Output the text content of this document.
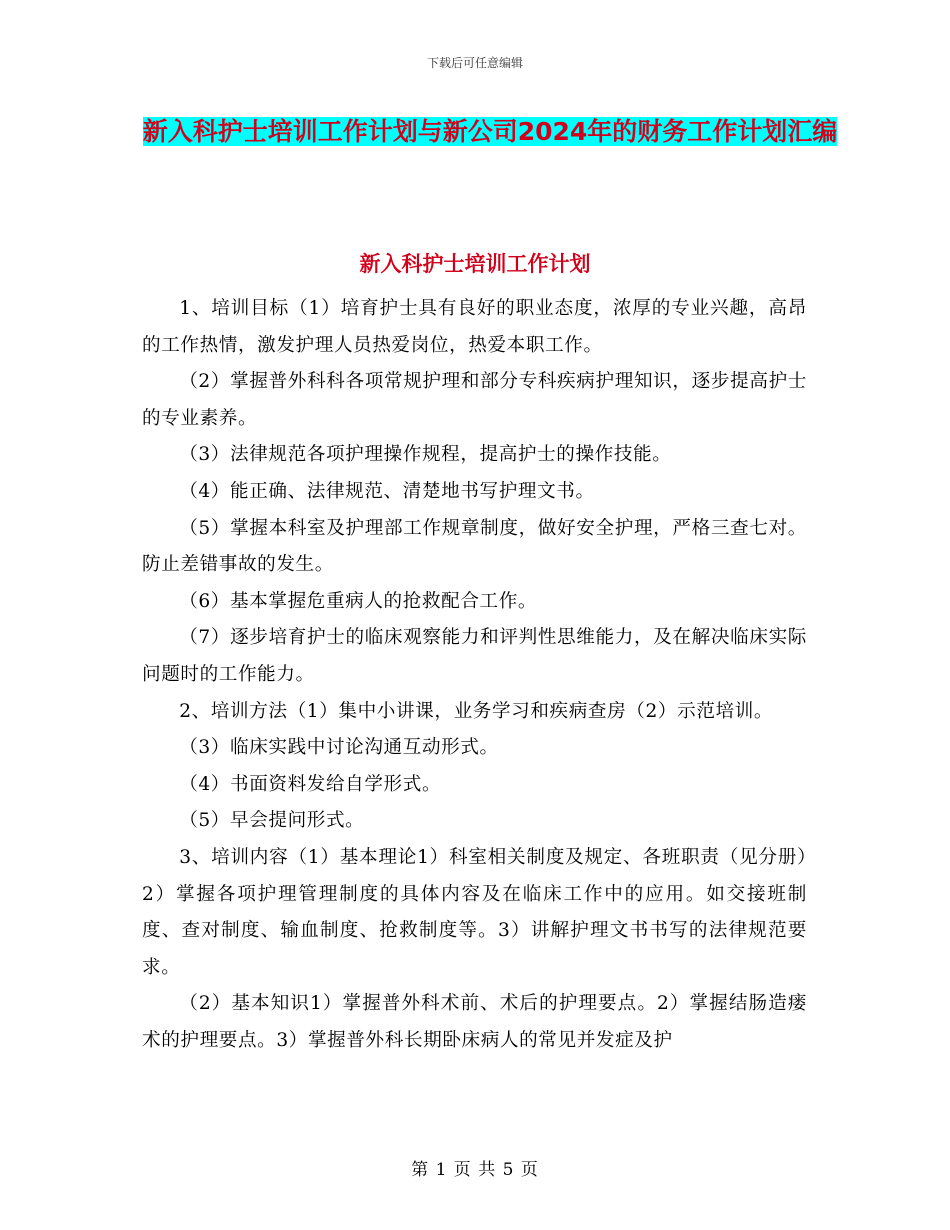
下载后可任意编辑
新入科护士培训工作计划与新公司2024年的财务工作计划汇编
新入科护士培训工作计划

1、培训目标（1）培育护士具有良好的职业态度，浓厚的专业兴趣，高昂的工作热情，激发护理人员热爱岗位，热爱本职工作。

（2）掌握普外科科各项常规护理和部分专科疾病护理知识，逐步提高护士的专业素养。

（3）法律规范各项护理操作规程，提高护士的操作技能。

（4）能正确、法律规范、清楚地书写护理文书。

（5）掌握本科室及护理部工作规章制度，做好安全护理，严格三查七对。防止差错事故的发生。

（6）基本掌握危重病人的抢救配合工作。

（7）逐步培育护士的临床观察能力和评判性思维能力，及在解决临床实际问题时的工作能力。

2、培训方法（1）集中小讲课，业务学习和疾病查房（2）示范培训。

（3）临床实践中讨论沟通互动形式。

（4）书面资料发给自学形式。

（5）早会提问形式。

3、培训内容（1）基本理论1）科室相关制度及规定、各班职责（见分册）2）掌握各项护理管理制度的具体内容及在临床工作中的应用。如交接班制度、查对制度、输血制度、抢救制度等。3）讲解护理文书书写的法律规范要求。

（2）基本知识1）掌握普外科术前、术后的护理要点。2）掌握结肠造瘘术的护理要点。3）掌握普外科长期卧床病人的常见并发症及护

第 1 页 共 5 页
